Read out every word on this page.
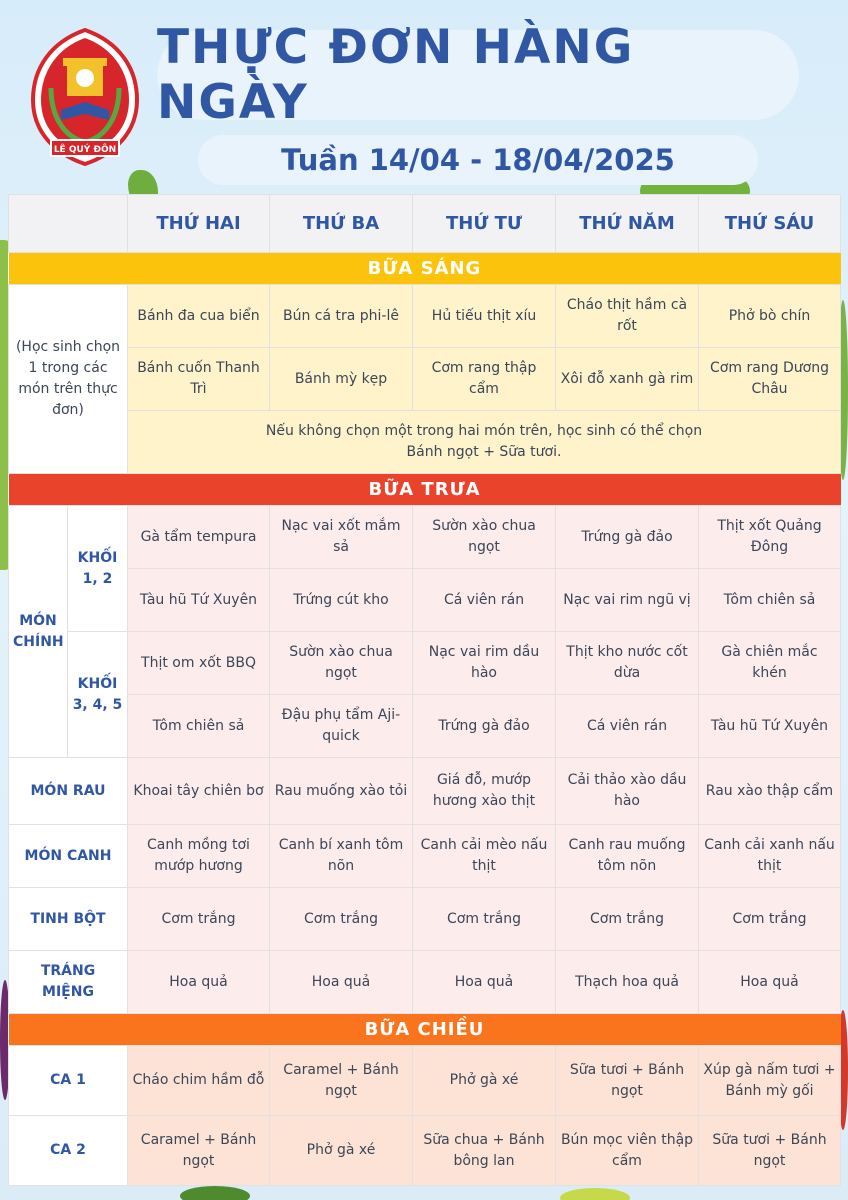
LÊ QUÝ ĐÔN
THỰC ĐƠN HÀNG NGÀY
Tuần 14/04 - 18/04/2025
		THỨ HAI	THỨ BA	THỨ TƯ	THỨ NĂM	THỨ SÁU
BỮA SÁNG						
(Học sinh chọn 1 trong các món trên thực đơn)		Bánh đa cua biển	Bún cá tra phi-lê	Hủ tiếu thịt xíu	Cháo thịt hầm cà rốt	Phở bò chín
		Bánh cuốn Thanh Trì	Bánh mỳ kẹp	Cơm rang thập cẩm	Xôi đỗ xanh gà rim	Cơm rang Dương Châu
		Nếu không chọn một trong hai món trên, học sinh có thể chọn Bánh ngọt + Sữa tươi.				
BỮA TRƯA						
MÓN CHÍNH	KHỐI 1, 2	Gà tẩm tempura	Nạc vai xốt mắm sả	Sườn xào chua ngọt	Trứng gà đảo	Thịt xốt Quảng Đông
		Tàu hũ Tứ Xuyên	Trứng cút kho	Cá viên rán	Nạc vai rim ngũ vị	Tôm chiên sả
	KHỐI 3, 4, 5	Thịt om xốt BBQ	Sườn xào chua ngọt	Nạc vai rim dầu hào	Thịt kho nước cốt dừa	Gà chiên mắc khén
		Tôm chiên sả	Đậu phụ tẩm Aji-quick	Trứng gà đảo	Cá viên rán	Tàu hũ Tứ Xuyên
MÓN RAU		Khoai tây chiên bơ	Rau muống xào tỏi	Giá đỗ, mướp hương xào thịt	Cải thảo xào dầu hào	Rau xào thập cẩm
MÓN CANH		Canh mồng tơi mướp hương	Canh bí xanh tôm nõn	Canh cải mèo nấu thịt	Canh rau muống tôm nõn	Canh cải xanh nấu thịt
TINH BỘT		Cơm trắng	Cơm trắng	Cơm trắng	Cơm trắng	Cơm trắng
TRÁNG MIỆNG		Hoa quả	Hoa quả	Hoa quả	Thạch hoa quả	Hoa quả
BỮA CHIỀU						
CA 1		Cháo chim hầm đỗ	Caramel + Bánh ngọt	Phở gà xé	Sữa tươi + Bánh ngọt	Xúp gà nấm tươi + Bánh mỳ gối
CA 2		Caramel + Bánh ngọt	Phở gà xé	Sữa chua + Bánh bông lan	Bún mọc viên thập cẩm	Sữa tươi + Bánh ngọt
